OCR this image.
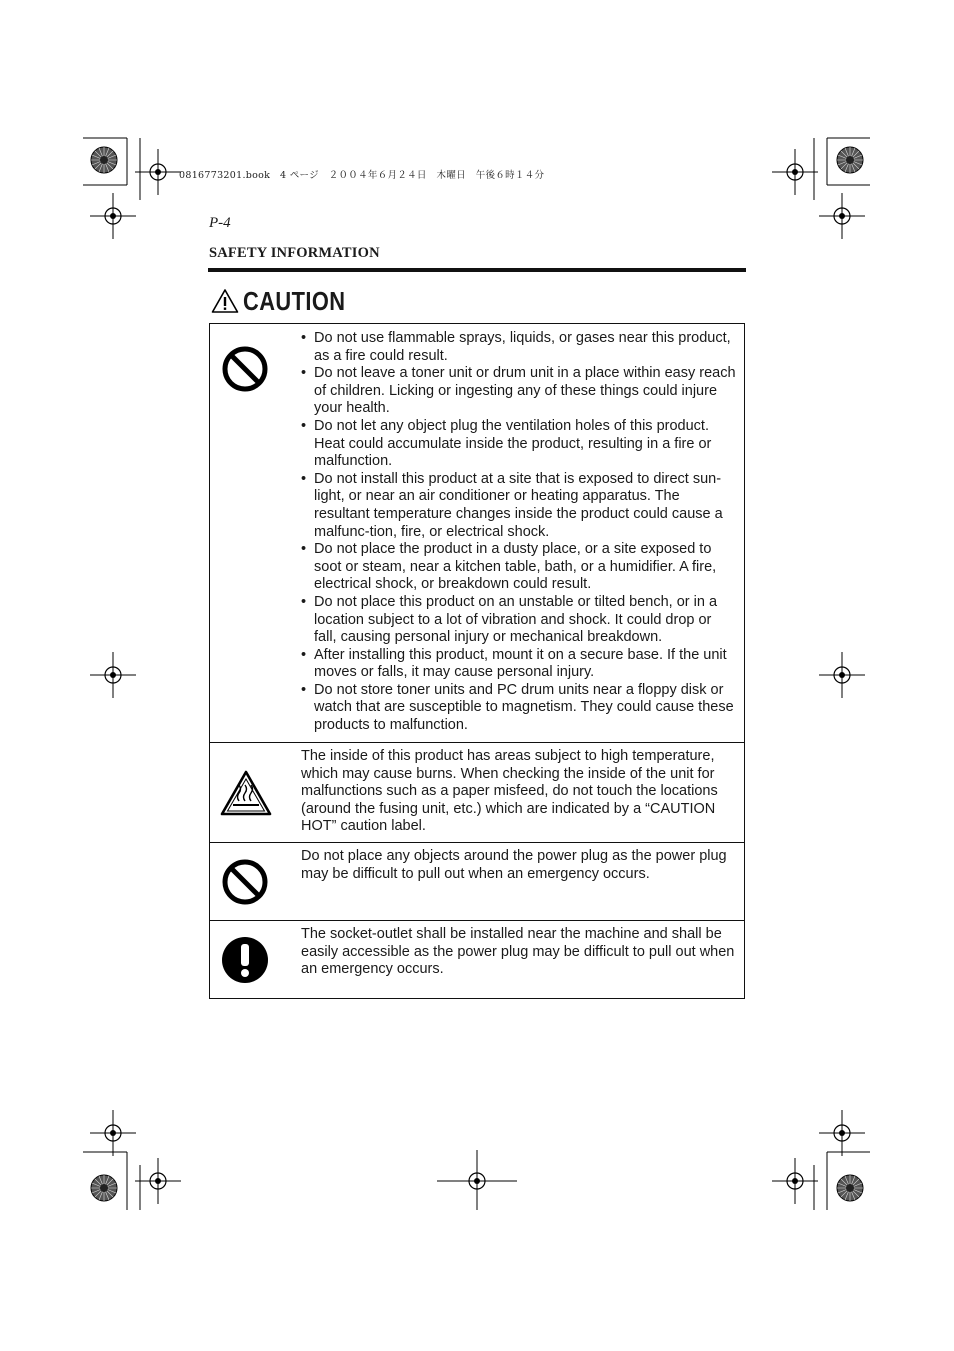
0816773201.book　4 ページ　２００４年６月２４日　木曜日　午後６時１４分
P-4
SAFETY INFORMATION
CAUTION
• Do not use flammable sprays, liquids, or gases near this product, as a fire could result.
• Do not leave a toner unit or drum unit in a place within easy reach of children. Licking or ingesting any of these things could injure your health.
• Do not let any object plug the ventilation holes of this product. Heat could accumulate inside the product, resulting in a fire or malfunction.
• Do not install this product at a site that is exposed to direct sun-light, or near an air conditioner or heating apparatus. The resultant temperature changes inside the product could cause a malfunc-tion, fire, or electrical shock.
• Do not place the product in a dusty place, or a site exposed to soot or steam, near a kitchen table, bath, or a humidifier. A fire, electrical shock, or breakdown could result.
• Do not place this product on an unstable or tilted bench, or in a location subject to a lot of vibration and shock. It could drop or fall, causing personal injury or mechanical breakdown.
• After installing this product, mount it on a secure base. If the unit moves or falls, it may cause personal injury.
• Do not store toner units and PC drum units near a floppy disk or watch that are susceptible to magnetism. They could cause these products to malfunction.
The inside of this product has areas subject to high temperature, which may cause burns. When checking the inside of the unit for malfunctions such as a paper misfeed, do not touch the locations (around the fusing unit, etc.) which are indicated by a “CAUTION HOT” caution label.
Do not place any objects around the power plug as the power plug may be difficult to pull out when an emergency occurs.
The socket-outlet shall be installed near the machine and shall be easily accessible as the power plug may be difficult to pull out when an emergency occurs.
